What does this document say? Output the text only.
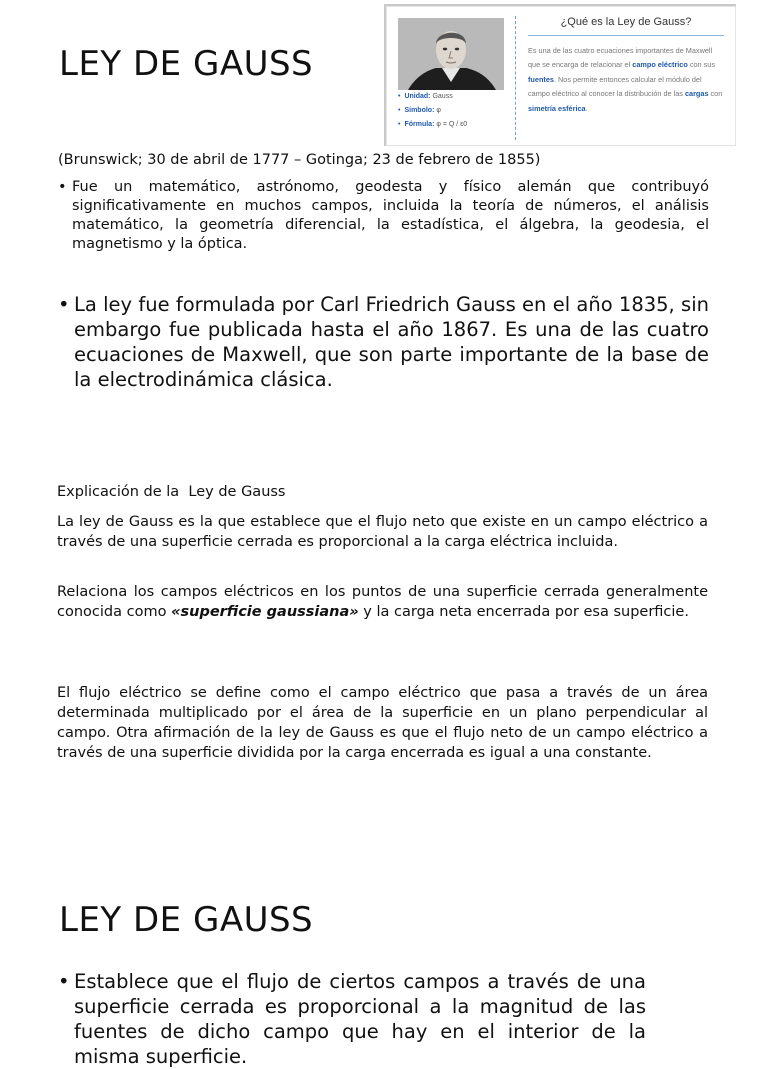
LEY DE GAUSS
• Unidad: Gauss
• Símbolo: φ
• Fórmula: φ = Q / ε0
¿Qué es la Ley de Gauss?
Es una de las cuatro ecuaciones importantes de Maxwell que se encarga de relacionar el campo eléctrico con sus fuentes. Nos permite entonces calcular el módulo del campo eléctrico al conocer la distribución de las cargas con simetría esférica.
(Brunswick; 30 de abril de 1777 – Gotinga; 23 de febrero de 1855)
• Fue un matemático, astrónomo, geodesta y físico alemán que contribuyó significativamente en muchos campos, incluida la teoría de números, el análisis matemático, la geometría diferencial, la estadística, el álgebra, la geodesia, el magnetismo y la óptica.
• La ley fue formulada por Carl Friedrich Gauss en el año 1835, sin embargo fue publicada hasta el año 1867. Es una de las cuatro ecuaciones de Maxwell, que son parte importante de la base de la electrodinámica clásica.
Explicación de la  Ley de Gauss

La ley de Gauss es la que establece que el flujo neto que existe en un campo eléctrico a través de una superficie cerrada es proporcional a la carga eléctrica incluida.

Relaciona los campos eléctricos en los puntos de una superficie cerrada generalmente conocida como «superficie gaussiana» y la carga neta encerrada por esa superficie.

El flujo eléctrico se define como el campo eléctrico que pasa a través de un área determinada multiplicado por el área de la superficie en un plano perpendicular al campo. Otra afirmación de la ley de Gauss es que el flujo neto de un campo eléctrico a través de una superficie dividida por la carga encerrada es igual a una constante.

LEY DE GAUSS
• Establece que el flujo de ciertos campos a través de una superficie cerrada es proporcional a la magnitud de las fuentes de dicho campo que hay en el interior de la misma superficie.
